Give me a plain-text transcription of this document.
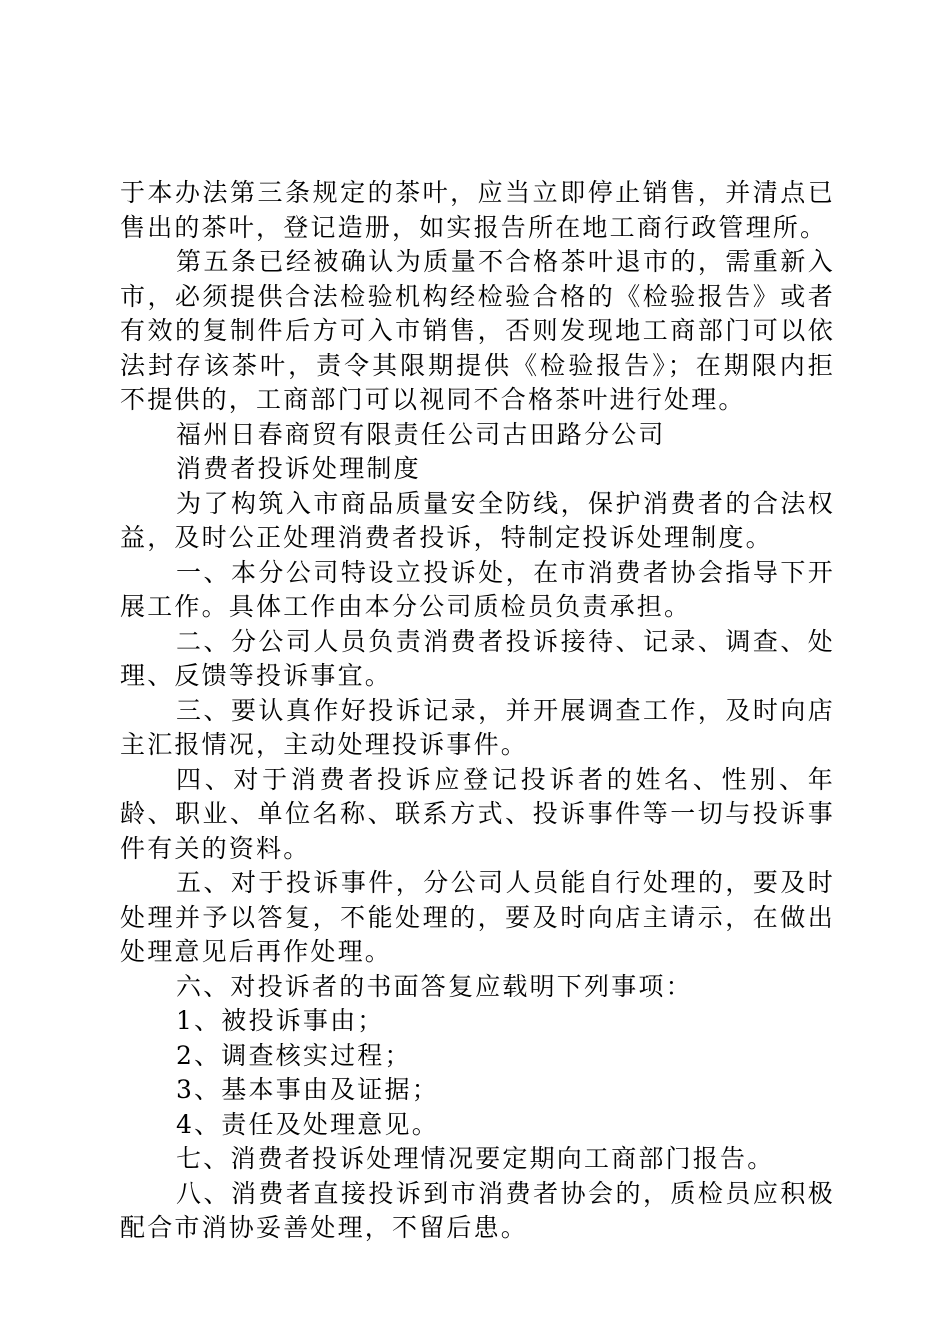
于本办法第三条规定的茶叶，应当立即停止销售，并清点已售出的茶叶，登记造册，如实报告所在地工商行政管理所。

第五条已经被确认为质量不合格茶叶退市的，需重新入市，必须提供合法检验机构经检验合格的《检验报告》或者有效的复制件后方可入市销售，否则发现地工商部门可以依法封存该茶叶，责令其限期提供《检验报告》；在期限内拒不提供的，工商部门可以视同不合格茶叶进行处理。

福州日春商贸有限责任公司古田路分公司

消费者投诉处理制度

为了构筑入市商品质量安全防线，保护消费者的合法权益，及时公正处理消费者投诉，特制定投诉处理制度。

一、本分公司特设立投诉处，在市消费者协会指导下开展工作。具体工作由本分公司质检员负责承担。

二、分公司人员负责消费者投诉接待、记录、调查、处理、反馈等投诉事宜。

三、要认真作好投诉记录，并开展调查工作，及时向店主汇报情况，主动处理投诉事件。

四、对于消费者投诉应登记投诉者的姓名、性别、年龄、职业、单位名称、联系方式、投诉事件等一切与投诉事件有关的资料。

五、对于投诉事件，分公司人员能自行处理的，要及时处理并予以答复，不能处理的，要及时向店主请示，在做出处理意见后再作处理。

六、对投诉者的书面答复应载明下列事项：

1、被投诉事由；

2、调查核实过程；

3、基本事由及证据；

4、责任及处理意见。

七、消费者投诉处理情况要定期向工商部门报告。

八、消费者直接投诉到市消费者协会的，质检员应积极配合市消协妥善处理，不留后患。
